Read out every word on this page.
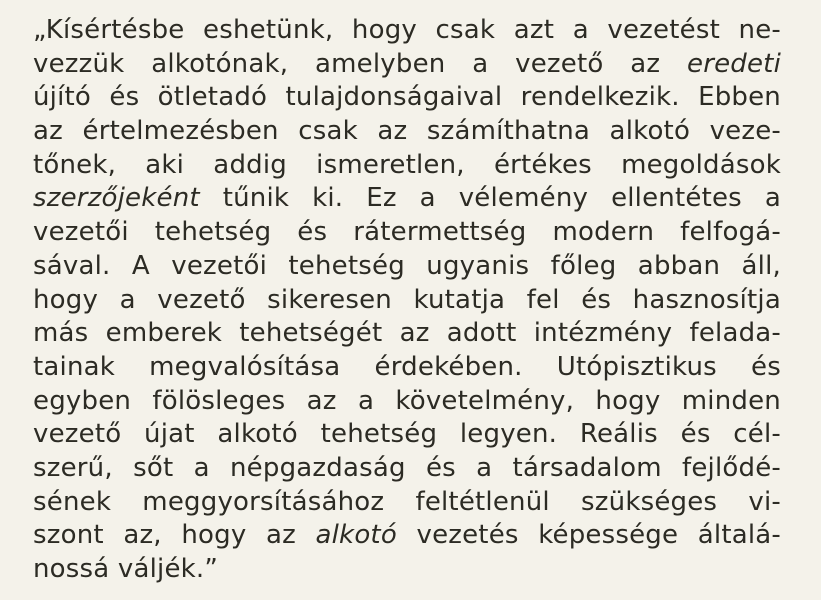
„Kísértésbe eshetünk, hogy csak azt a vezetést ne-
vezzük alkotónak, amelyben a vezető az eredeti
újító és ötletadó tulajdonságaival rendelkezik. Ebben
az értelmezésben csak az számíthatna alkotó veze-
tőnek, aki addig ismeretlen, értékes megoldások
szerzőjeként tűnik ki. Ez a vélemény ellentétes a
vezetői tehetség és rátermettség modern felfogá-
sával. A vezetői tehetség ugyanis főleg abban áll,
hogy a vezető sikeresen kutatja fel és hasznosítja
más emberek tehetségét az adott intézmény felada-
tainak megvalósítása érdekében. Utópisztikus és
egyben fölösleges az a követelmény, hogy minden
vezető újat alkotó tehetség legyen. Reális és cél-
szerű, sőt a népgazdaság és a társadalom fejlődé-
sének meggyorsításához feltétlenül szükséges vi-
szont az, hogy az alkotó vezetés képessége általá-
nossá váljék.”
